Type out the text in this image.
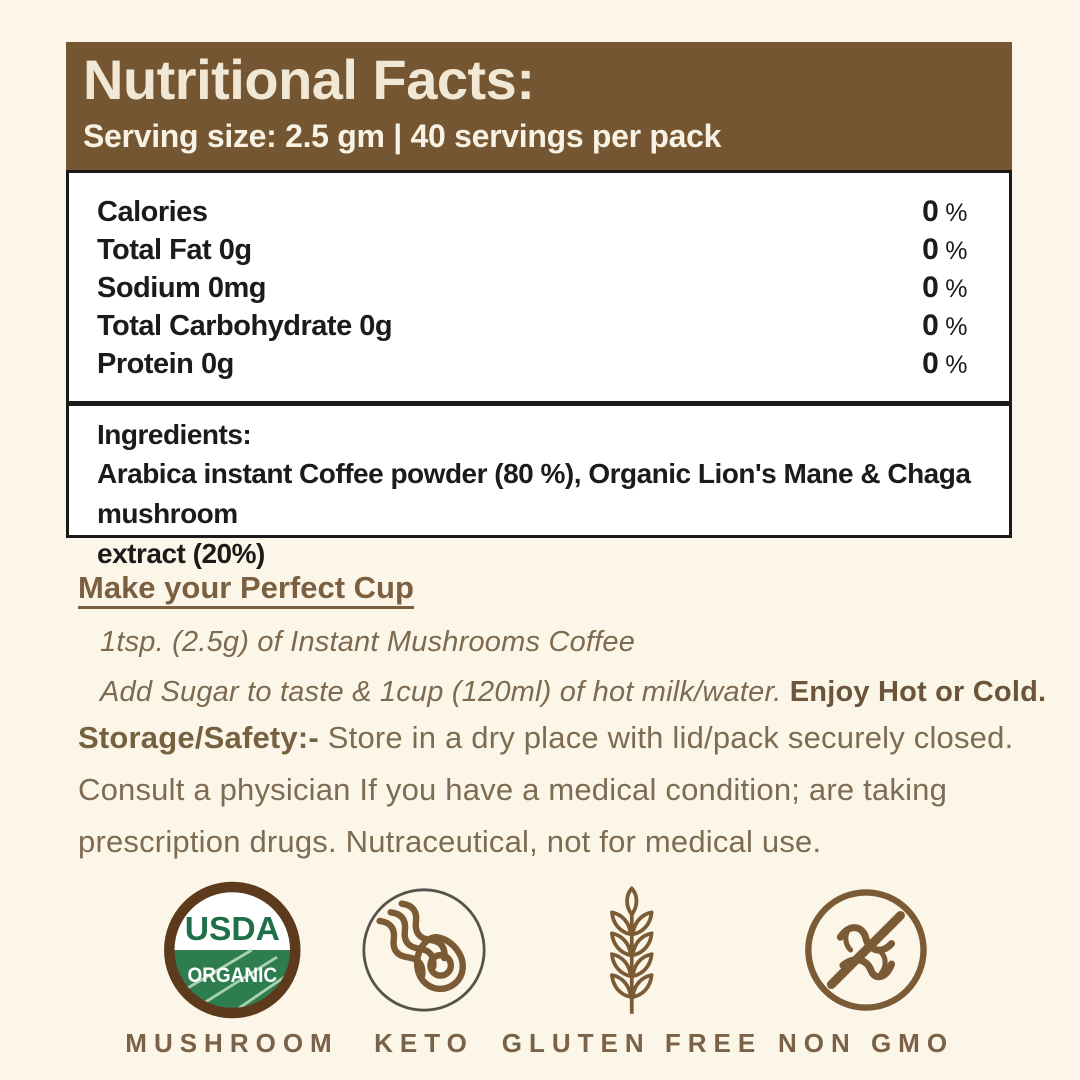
Nutritional Facts:
Serving size: 2.5 gm | 40 servings per pack
Calories	0 %
Total Fat 0g	0 %
Sodium 0mg	0 %
Total Carbohydrate 0g	0 %
Protein 0g	0 %
Ingredients:
Arabica instant Coffee powder (80 %), Organic Lion's Mane & Chaga mushroom
extract (20%)
Make your Perfect Cup
1tsp. (2.5g) of Instant Mushrooms Coffee
Add Sugar to taste & 1cup (120ml) of hot milk/water. Enjoy Hot or Cold.
Storage/Safety:- Store in a dry place with lid/pack securely closed.
Consult a physician If you have a medical condition; are taking
prescription drugs. Nutraceutical, not for medical use.
USDA
ORGANIC
MUSHROOM KETO GLUTEN FREE NON GMO
